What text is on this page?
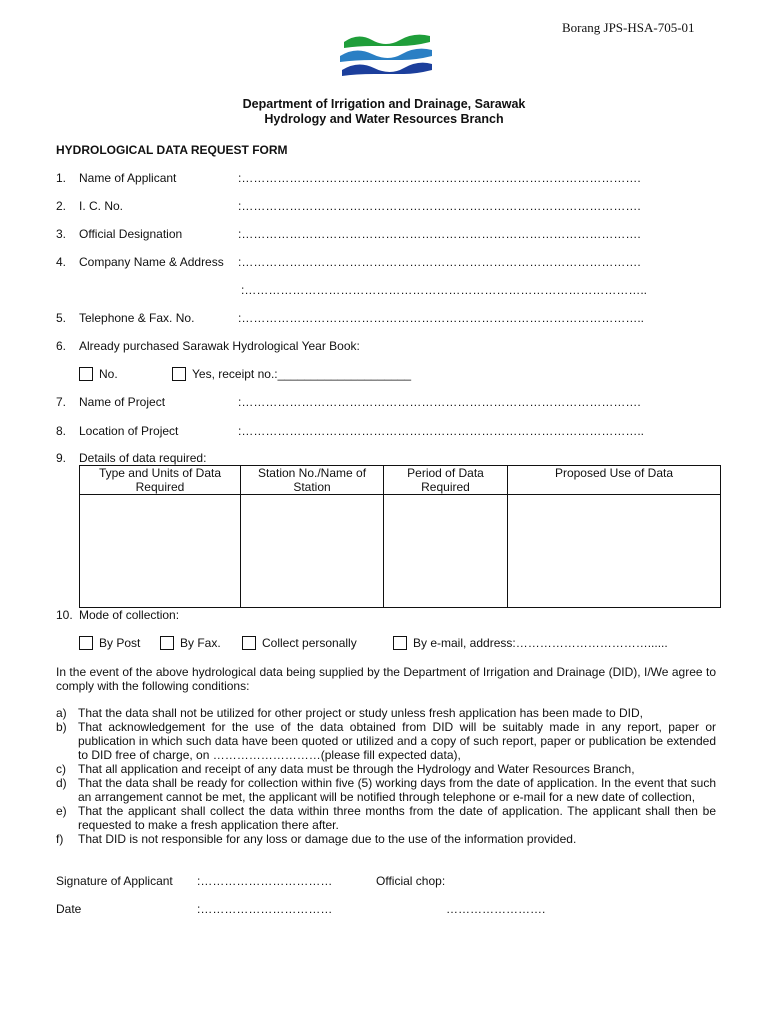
Borang JPS-HSA-705-01
Department of Irrigation and Drainage, Sarawak
Hydrology and Water Resources Branch
HYDROLOGICAL DATA REQUEST FORM
1. Name of Applicant	:……………………………………………………………………………………….
2. I. C. No.	:……………………………………………………………………………………….
3. Official Designation	:……………………………………………………………………………………….
4. Company Name & Address :……………………………………………………………………………………….
:………………………………………………………………………………………..
5. Telephone & Fax. No.	:………………………………………………………………………………………..
6. Already purchased Sarawak Hydrological Year Book:
No.	Yes, receipt no.:____________________
7. Name of Project	:……………………………………………………………………………………….
8. Location of Project	:………………………………………………………………………………………..
9. Details of data required:
Type and Units of Data Required	Station No./Name of Station	Period of Data Required	Proposed Use of Data

10. Mode of collection:
By Post	By Fax.	Collect personally	By e-mail, address:……………………………......
In the event of the above hydrological data being supplied by the Department of Irrigation and Drainage (DID), I/We agree to comply with the following conditions:
a) That the data shall not be utilized for other project or study unless fresh application has been made to DID,
b) That acknowledgement for the use of the data obtained from DID will be suitably made in any report, paper or publication in which such data have been quoted or utilized and a copy of such report, paper or publication be extended to DID free of charge, on ………………………(please fill expected data),
c)	That all application and receipt of any data must be through the Hydrology and Water Resources Branch,
d) That the data shall be ready for collection within five (5) working days from the date of application. In the event that such an arrangement cannot be met, the applicant will be notified through telephone or e-mail for a new date of collection,
e) That the applicant shall collect the data within three months from the date of application. The applicant shall then be requested to make a fresh application there after.
f)	That DID is not responsible for any loss or damage due to the use of the information provided.
Signature of Applicant :……………………………	Official chop:
Date	:……………………………	…………………….
